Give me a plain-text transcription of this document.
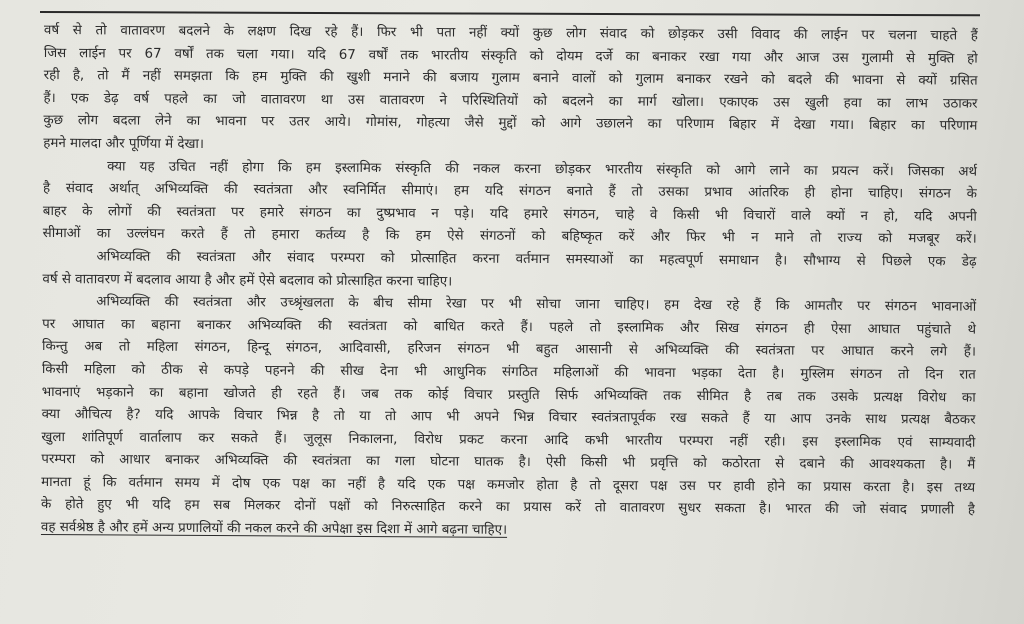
वर्ष से तो वातावरण बदलने के लक्षण दिख रहे हैं। फिर भी पता नहीं क्यों कुछ लोग संवाद को छोड़कर उसी विवाद की लाईन पर चलना चाहते हैं
जिस लाईन पर 67 वर्षों तक चला गया। यदि 67 वर्षों तक भारतीय संस्कृति को दोयम दर्जे का बनाकर रखा गया और आज उस गुलामी से मुक्ति हो
रही है, तो मैं नहीं समझता कि हम मुक्ति की खुशी मनाने की बजाय गुलाम बनाने वालों को गुलाम बनाकर रखने को बदले की भावना से क्यों ग्रसित
हैं। एक डेढ़ वर्ष पहले का जो वातावरण था उस वातावरण ने परिस्थितियों को बदलने का मार्ग खोला। एकाएक उस खुली हवा का लाभ उठाकर
कुछ लोग बदला लेने का भावना पर उतर आये। गोमांस, गोहत्या जैसे मुद्दों को आगे उछालने का परिणाम बिहार में देखा गया। बिहार का परिणाम
हमने मालदा और पूर्णिया में देखा।
क्या यह उचित नहीं होगा कि हम इस्लामिक संस्कृति की नकल करना छोड़कर भारतीय संस्कृति को आगे लाने का प्रयत्न करें। जिसका अर्थ
है संवाद अर्थात् अभिव्यक्ति की स्वतंत्रता और स्वनिर्मित सीमाएं। हम यदि संगठन बनाते हैं तो उसका प्रभाव आंतरिक ही होना चाहिए। संगठन के
बाहर के लोगों की स्वतंत्रता पर हमारे संगठन का दुष्प्रभाव न पड़े। यदि हमारे संगठन, चाहे वे किसी भी विचारों वाले क्यों न हो, यदि अपनी
सीमाओं का उल्लंघन करते हैं तो हमारा कर्तव्य है कि हम ऐसे संगठनों को बहिष्कृत करें और फिर भी न माने तो राज्य को मजबूर करें।
अभिव्यक्ति की स्वतंत्रता और संवाद परम्परा को प्रोत्साहित करना वर्तमान समस्याओं का महत्वपूर्ण समाधान है। सौभाग्य से पिछले एक डेढ़
वर्ष से वातावरण में बदलाव आया है और हमें ऐसे बदलाव को प्रोत्साहित करना चाहिए।
अभिव्यक्ति की स्वतंत्रता और उच्श्रृंखलता के बीच सीमा रेखा पर भी सोचा जाना चाहिए। हम देख रहे हैं कि आमतौर पर संगठन भावनाओं
पर आघात का बहाना बनाकर अभिव्यक्ति की स्वतंत्रता को बाधित करते हैं। पहले तो इस्लामिक और सिख संगठन ही ऐसा आघात पहुंचाते थे
किन्तु अब तो महिला संगठन, हिन्दू संगठन, आदिवासी, हरिजन संगठन भी बहुत आसानी से अभिव्यक्ति की स्वतंत्रता पर आघात करने लगे हैं।
किसी महिला को ठीक से कपड़े पहनने की सीख देना भी आधुनिक संगठित महिलाओं की भावना भड़का देता है। मुस्लिम संगठन तो दिन रात
भावनाएं भड़काने का बहाना खोजते ही रहते हैं। जब तक कोई विचार प्रस्तुति सिर्फ अभिव्यक्ति तक सीमित है तब तक उसके प्रत्यक्ष विरोध का
क्या औचित्य है? यदि आपके विचार भिन्न है तो या तो आप भी अपने भिन्न विचार स्वतंत्रतापूर्वक रख सकते हैं या आप उनके साथ प्रत्यक्ष बैठकर
खुला शांतिपूर्ण वार्तालाप कर सकते हैं। जुलूस निकालना, विरोध प्रकट करना आदि कभी भारतीय परम्परा नहीं रही। इस इस्लामिक एवं साम्यवादी
परम्परा को आधार बनाकर अभिव्यक्ति की स्वतंत्रता का गला घोटना घातक है। ऐसी किसी भी प्रवृत्ति को कठोरता से दबाने की आवश्यकता है। मैं
मानता हूं कि वर्तमान समय में दोष एक पक्ष का नहीं है यदि एक पक्ष कमजोर होता है तो दूसरा पक्ष उस पर हावी होने का प्रयास करता है। इस तथ्य
के होते हुए भी यदि हम सब मिलकर दोनों पक्षों को निरुत्साहित करने का प्रयास करें तो वातावरण सुधर सकता है। भारत की जो संवाद प्रणाली है
वह सर्वश्रेष्ठ है और हमें अन्य प्रणालियों की नकल करने की अपेक्षा इस दिशा में आगे बढ़ना चाहिए।
